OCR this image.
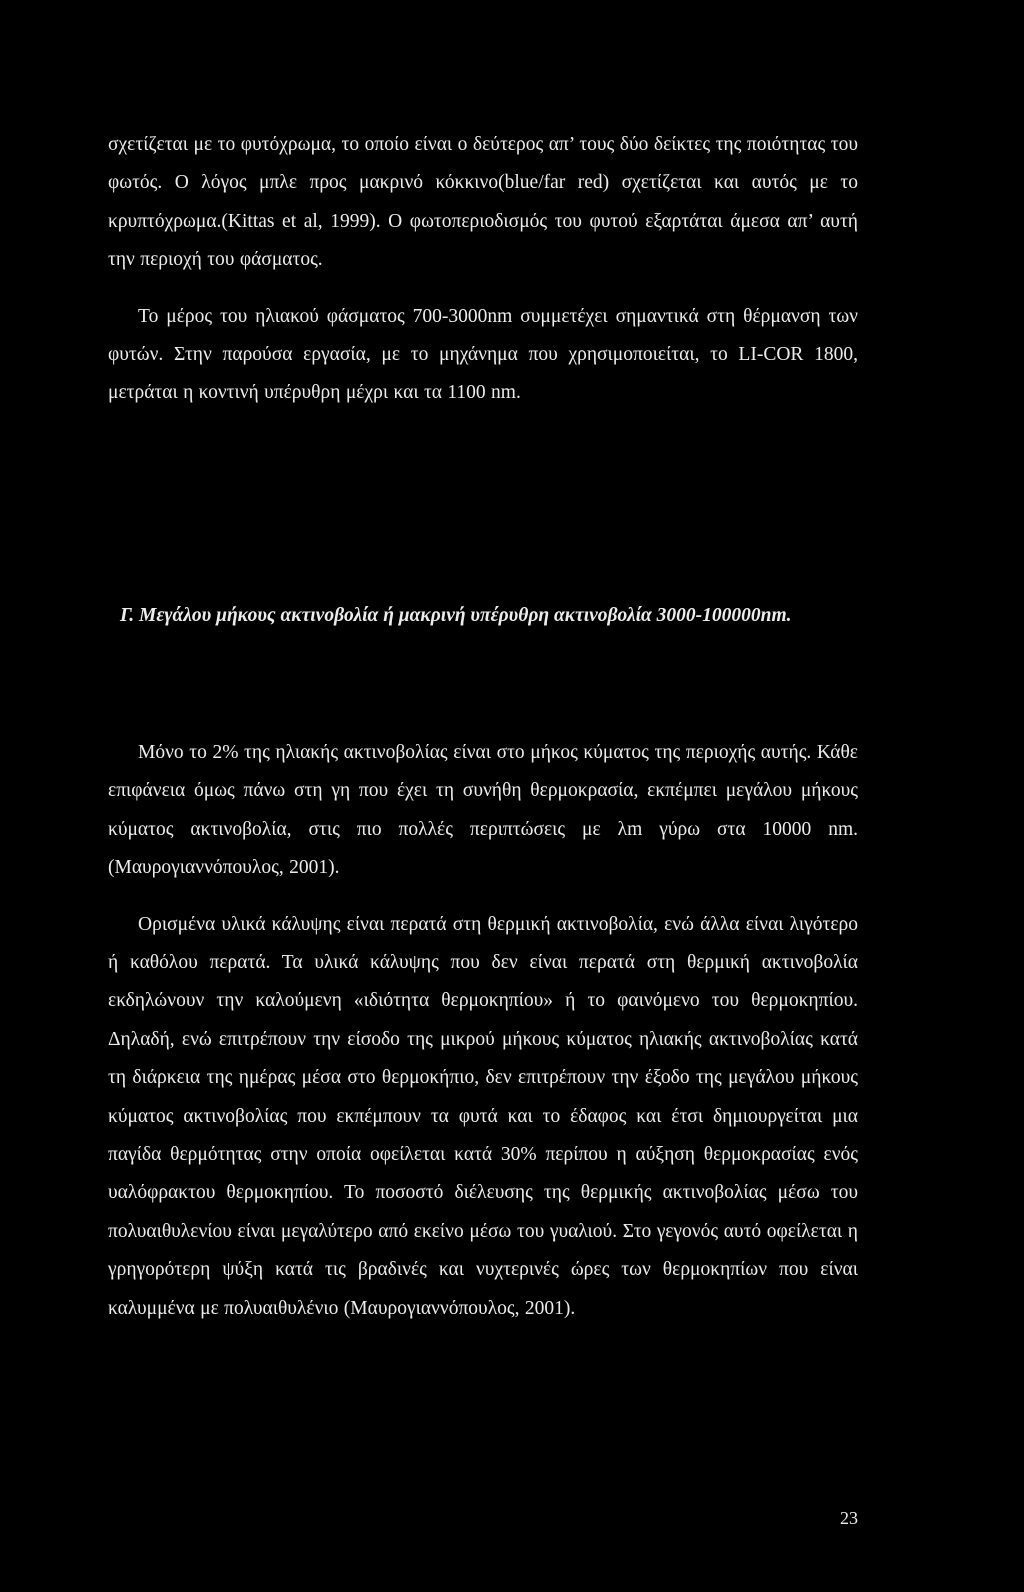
σχετίζεται με το φυτόχρωμα, το οποίο είναι ο δεύτερος απ’ τους δύο δείκτες της ποιότητας του φωτός. Ο λόγος μπλε προς μακρινό κόκκινο(blue/far red) σχετίζεται και αυτός με το κρυπτόχρωμα.(Kittas et al, 1999). Ο φωτοπεριοδισμός του φυτού εξαρτάται άμεσα απ’ αυτή την περιοχή του φάσματος.

Το μέρος του ηλιακού φάσματος 700-3000nm συμμετέχει σημαντικά στη θέρμανση των φυτών. Στην παρούσα εργασία, με το μηχάνημα που χρησιμοποιείται, το LI-COR 1800, μετράται η κοντινή υπέρυθρη μέχρι και τα 1100 nm.

Γ. Μεγάλου μήκους ακτινοβολία ή μακρινή υπέρυθρη ακτινοβολία 3000-100000nm.

Μόνο το 2% της ηλιακής ακτινοβολίας είναι στο μήκος κύματος της περιοχής αυτής. Κάθε επιφάνεια όμως πάνω στη γη που έχει τη συνήθη θερμοκρασία, εκπέμπει μεγάλου μήκους κύματος ακτινοβολία, στις πιο πολλές περιπτώσεις με λm γύρω στα 10000 nm. (Μαυρογιαννόπουλος, 2001).

Ορισμένα υλικά κάλυψης είναι περατά στη θερμική ακτινοβολία, ενώ άλλα είναι λιγότερο ή καθόλου περατά. Τα υλικά κάλυψης που δεν είναι περατά στη θερμική ακτινοβολία εκδηλώνουν την καλούμενη «ιδιότητα θερμοκηπίου» ή το φαινόμενο του θερμοκηπίου. Δηλαδή, ενώ επιτρέπουν την είσοδο της μικρού μήκους κύματος ηλιακής ακτινοβολίας κατά τη διάρκεια της ημέρας μέσα στο θερμοκήπιο, δεν επιτρέπουν την έξοδο της μεγάλου μήκους κύματος ακτινοβολίας που εκπέμπουν τα φυτά και το έδαφος και έτσι δημιουργείται μια παγίδα θερμότητας στην οποία οφείλεται κατά 30% περίπου η αύξηση θερμοκρασίας ενός υαλόφρακτου θερμοκηπίου. Το ποσοστό διέλευσης της θερμικής ακτινοβολίας μέσω του πολυαιθυλενίου είναι μεγαλύτερο από εκείνο μέσω του γυαλιού. Στο γεγονός αυτό οφείλεται η γρηγορότερη ψύξη κατά τις βραδινές και νυχτερινές ώρες των θερμοκηπίων που είναι καλυμμένα με πολυαιθυλένιο (Μαυρογιαννόπουλος, 2001).

23
